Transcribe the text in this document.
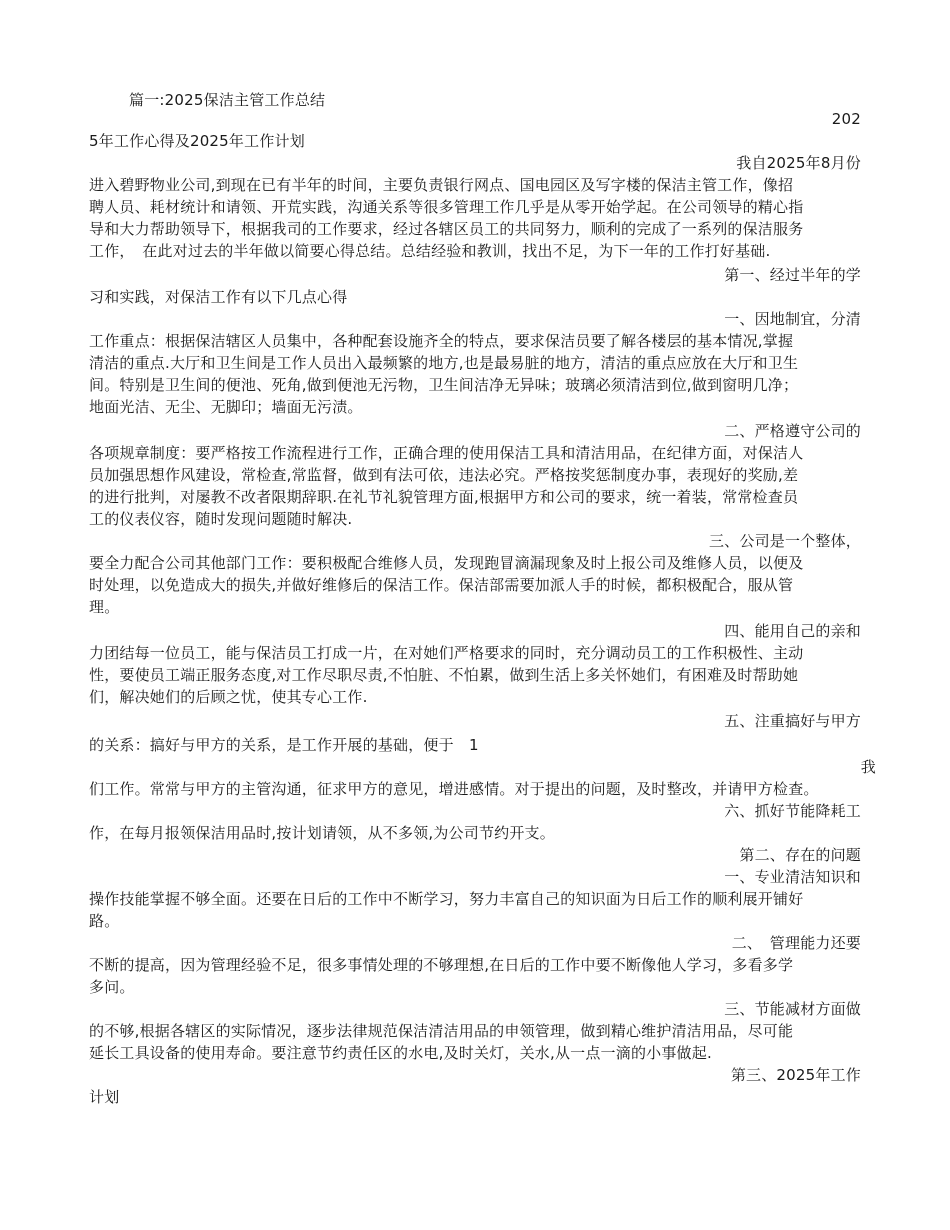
篇一:2025保洁主管工作总结
202
5年工作心得及2025年工作计划
我自2025年8月份
进入碧野物业公司,到现在已有半年的时间，主要负责银行网点、国电园区及写字楼的保洁主管工作，像招
聘人员、耗材统计和请领、开荒实践，沟通关系等很多管理工作几乎是从零开始学起。在公司领导的精心指
导和大力帮助领导下，根据我司的工作要求，经过各辖区员工的共同努力，顺利的完成了一系列的保洁服务
工作，　在此对过去的半年做以简要心得总结。总结经验和教训，找出不足，为下一年的工作打好基础.
第一、经过半年的学
习和实践，对保洁工作有以下几点心得
一、因地制宜，分清
工作重点：根据保洁辖区人员集中，各种配套设施齐全的特点，要求保洁员要了解各楼层的基本情况,掌握
清洁的重点.大厅和卫生间是工作人员出入最频繁的地方,也是最易脏的地方，清洁的重点应放在大厅和卫生
间。特别是卫生间的便池、死角,做到便池无污物，卫生间洁净无异味；玻璃必须清洁到位,做到窗明几净；
地面光洁、无尘、无脚印；墙面无污渍。
二、严格遵守公司的
各项规章制度：要严格按工作流程进行工作，正确合理的使用保洁工具和清洁用品，在纪律方面，对保洁人
员加强思想作风建设，常检查,常监督，做到有法可依，违法必究。严格按奖惩制度办事，表现好的奖励,差
的进行批判，对屡教不改者限期辞职.在礼节礼貌管理方面,根据甲方和公司的要求，统一着装，常常检查员
工的仪表仪容，随时发现问题随时解决.
三、公司是一个整体，
要全力配合公司其他部门工作：要积极配合维修人员，发现跑冒滴漏现象及时上报公司及维修人员，以便及
时处理，以免造成大的损失,并做好维修后的保洁工作。保洁部需要加派人手的时候，都积极配合，服从管
理。
四、能用自己的亲和
力团结每一位员工，能与保洁员工打成一片，在对她们严格要求的同时，充分调动员工的工作积极性、主动
性，要使员工端正服务态度,对工作尽职尽责,不怕脏、不怕累，做到生活上多关怀她们，有困难及时帮助她
们，解决她们的后顾之忧，使其专心工作.
五、注重搞好与甲方
的关系：搞好与甲方的关系，是工作开展的基础，便于　1
我
们工作。常常与甲方的主管沟通，征求甲方的意见，增进感情。对于提出的问题，及时整改，并请甲方检查。
六、抓好节能降耗工
作，在每月报领保洁用品时,按计划请领，从不多领,为公司节约开支。
第二、存在的问题
一、专业清洁知识和
操作技能掌握不够全面。还要在日后的工作中不断学习，努力丰富自己的知识面为日后工作的顺利展开铺好
路。
二、　管理能力还要
不断的提高，因为管理经验不足，很多事情处理的不够理想,在日后的工作中要不断像他人学习，多看多学
多问。
三、节能减材方面做
的不够,根据各辖区的实际情况，逐步法律规范保洁清洁用品的申领管理，做到精心维护清洁用品，尽可能
延长工具设备的使用寿命。要注意节约责任区的水电,及时关灯，关水,从一点一滴的小事做起.
第三、2025年工作
计划
